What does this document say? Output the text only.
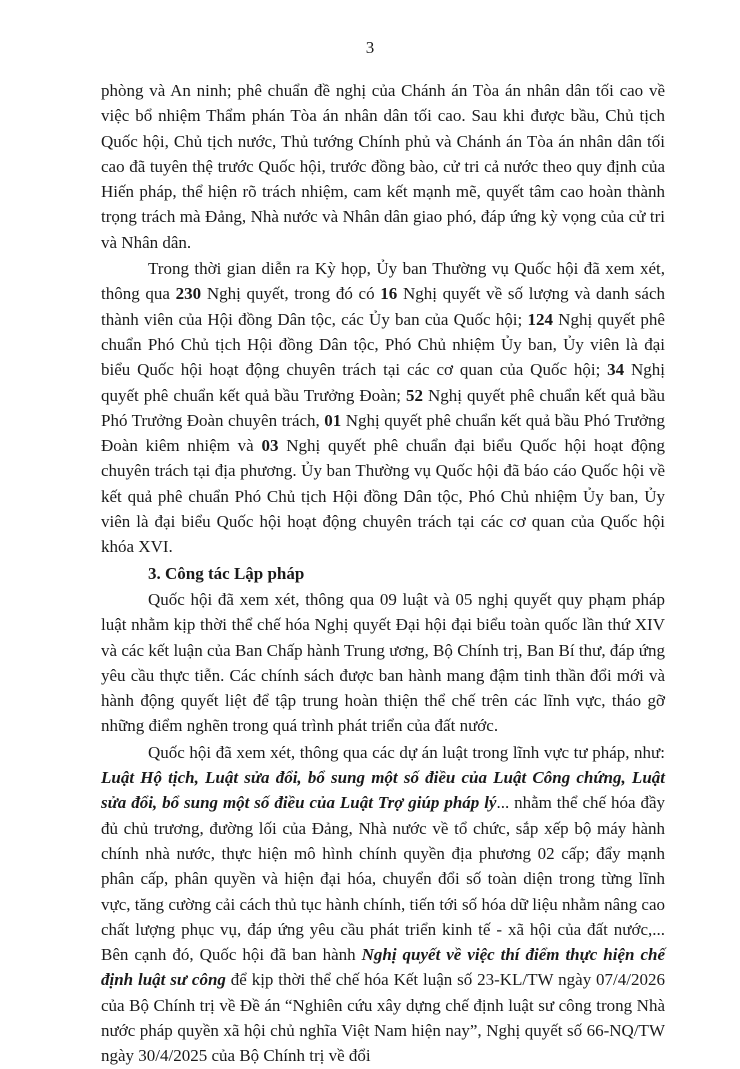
3

phòng và An ninh; phê chuẩn đề nghị của Chánh án Tòa án nhân dân tối cao về việc bổ nhiệm Thẩm phán Tòa án nhân dân tối cao. Sau khi được bầu, Chủ tịch Quốc hội, Chủ tịch nước, Thủ tướng Chính phủ và Chánh án Tòa án nhân dân tối cao đã tuyên thệ trước Quốc hội, trước đồng bào, cử tri cả nước theo quy định của Hiến pháp, thể hiện rõ trách nhiệm, cam kết mạnh mẽ, quyết tâm cao hoàn thành trọng trách mà Đảng, Nhà nước và Nhân dân giao phó, đáp ứng kỳ vọng của cử tri và Nhân dân.

Trong thời gian diễn ra Kỳ họp, Ủy ban Thường vụ Quốc hội đã xem xét, thông qua 230 Nghị quyết, trong đó có 16 Nghị quyết về số lượng và danh sách thành viên của Hội đồng Dân tộc, các Ủy ban của Quốc hội; 124 Nghị quyết phê chuẩn Phó Chủ tịch Hội đồng Dân tộc, Phó Chủ nhiệm Ủy ban, Ủy viên là đại biểu Quốc hội hoạt động chuyên trách tại các cơ quan của Quốc hội; 34 Nghị quyết phê chuẩn kết quả bầu Trưởng Đoàn; 52 Nghị quyết phê chuẩn kết quả bầu Phó Trưởng Đoàn chuyên trách, 01 Nghị quyết phê chuẩn kết quả bầu Phó Trưởng Đoàn kiêm nhiệm và 03 Nghị quyết phê chuẩn đại biểu Quốc hội hoạt động chuyên trách tại địa phương. Ủy ban Thường vụ Quốc hội đã báo cáo Quốc hội về kết quả phê chuẩn Phó Chủ tịch Hội đồng Dân tộc, Phó Chủ nhiệm Ủy ban, Ủy viên là đại biểu Quốc hội hoạt động chuyên trách tại các cơ quan của Quốc hội khóa XVI.

3. Công tác Lập pháp

Quốc hội đã xem xét, thông qua 09 luật và 05 nghị quyết quy phạm pháp luật nhằm kịp thời thể chế hóa Nghị quyết Đại hội đại biểu toàn quốc lần thứ XIV và các kết luận của Ban Chấp hành Trung ương, Bộ Chính trị, Ban Bí thư, đáp ứng yêu cầu thực tiễn. Các chính sách được ban hành mang đậm tinh thần đổi mới và hành động quyết liệt để tập trung hoàn thiện thể chế trên các lĩnh vực, tháo gỡ những điểm nghẽn trong quá trình phát triển của đất nước.

Quốc hội đã xem xét, thông qua các dự án luật trong lĩnh vực tư pháp, như: Luật Hộ tịch, Luật sửa đổi, bổ sung một số điều của Luật Công chứng, Luật sửa đổi, bổ sung một số điều của Luật Trợ giúp pháp lý... nhằm thể chế hóa đầy đủ chủ trương, đường lối của Đảng, Nhà nước về tổ chức, sắp xếp bộ máy hành chính nhà nước, thực hiện mô hình chính quyền địa phương 02 cấp; đẩy mạnh phân cấp, phân quyền và hiện đại hóa, chuyển đổi số toàn diện trong từng lĩnh vực, tăng cường cải cách thủ tục hành chính, tiến tới số hóa dữ liệu nhằm nâng cao chất lượng phục vụ, đáp ứng yêu cầu phát triển kinh tế - xã hội của đất nước,... Bên cạnh đó, Quốc hội đã ban hành Nghị quyết về việc thí điểm thực hiện chế định luật sư công để kịp thời thể chế hóa Kết luận số 23-KL/TW ngày 07/4/2026 của Bộ Chính trị về Đề án “Nghiên cứu xây dựng chế định luật sư công trong Nhà nước pháp quyền xã hội chủ nghĩa Việt Nam hiện nay”, Nghị quyết số 66-NQ/TW ngày 30/4/2025 của Bộ Chính trị về đổi
